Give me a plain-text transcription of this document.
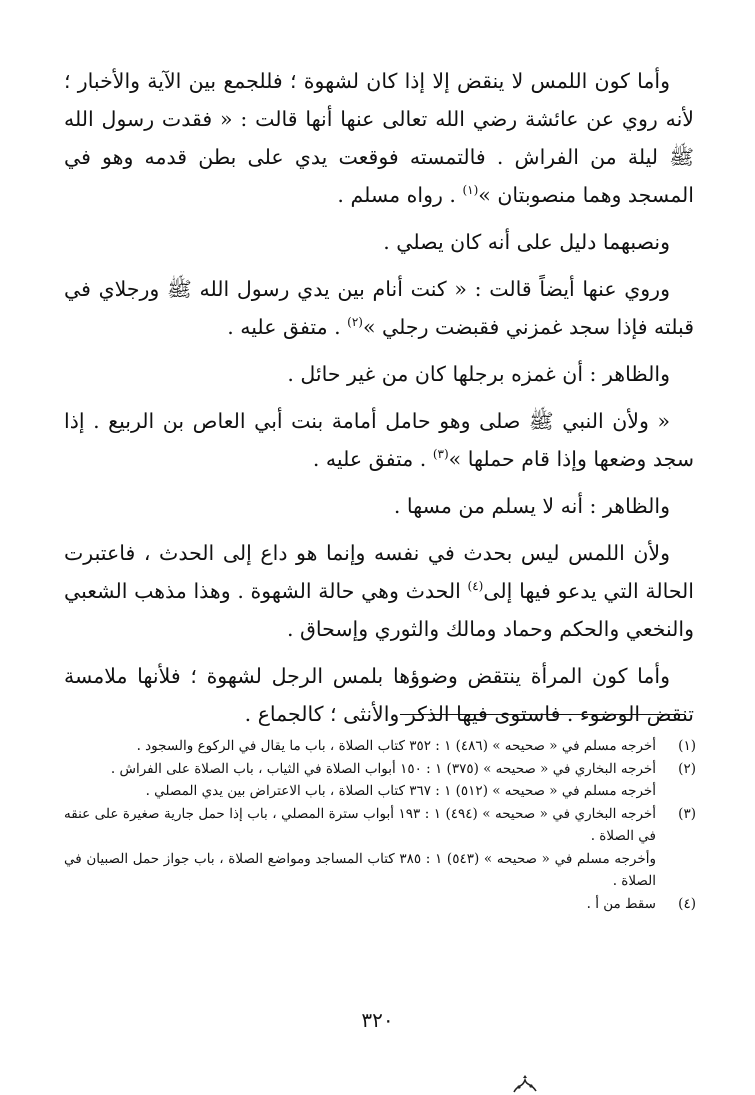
وأما كون اللمس لا ينقض إلا إذا كان لشهوة ؛ فللجمع بين الآية والأخبار ؛ لأنه روي عن عائشة رضي الله تعالى عنها أنها قالت : « فقدت رسول الله ﷺ ليلة من الفراش . فالتمسته فوقعت يدي على بطن قدمه وهو في المسجد وهما منصوبتان »$^{(١)}$ . رواه مسلم .

ونصبهما دليل على أنه كان يصلي .

وروي عنها أيضاً قالت : « كنت أنام بين يدي رسول الله ﷺ ورجلاي في قبلته فإذا سجد غمزني فقبضت رجلي »$^{(٢)}$ . متفق عليه .

والظاهر : أن غمزه برجلها كان من غير حائل .

« ولأن النبي ﷺ صلى وهو حامل أمامة بنت أبي العاص بن الربيع . إذا سجد وضعها وإذا قام حملها »$^{(٣)}$ . متفق عليه .

والظاهر : أنه لا يسلم من مسها .

ولأن اللمس ليس بحدث في نفسه وإنما هو داع إلى الحدث ، فاعتبرت الحالة التي يدعو فيها إلى$^{(٤)}$ الحدث وهي حالة الشهوة . وهذا مذهب الشعبي والنخعي والحكم وحماد ومالك والثوري وإسحاق .

وأما كون المرأة ينتقض وضوؤها بلمس الرجل لشهوة ؛ فلأنها ملامسة تنقض الوضوء . فاستوى فيها الذكر والأنثى ؛ كالجماع .

(١)
أخرجه مسلم في « صحيحه » (٤٨٦) ١ : ٣٥٢ كتاب الصلاة ، باب ما يقال في الركوع والسجود .
(٢)
أخرجه البخاري في « صحيحه » (٣٧٥) ١ : ١٥٠ أبواب الصلاة في الثياب ، باب الصلاة على الفراش .
أخرجه مسلم في « صحيحه » (٥١٢) ١ : ٣٦٧ كتاب الصلاة ، باب الاعتراض بين يدي المصلي .
(٣)
أخرجه البخاري في « صحيحه » (٤٩٤) ١ : ١٩٣ أبواب سترة المصلي ، باب إذا حمل جارية صغيرة على عنقه في الصلاة .
وأخرجه مسلم في « صحيحه » (٥٤٣) ١ : ٣٨٥ كتاب المساجد ومواضع الصلاة ، باب جواز حمل الصبيان في الصلاة .
(٤)
سقط من أ .
٣٢٠
